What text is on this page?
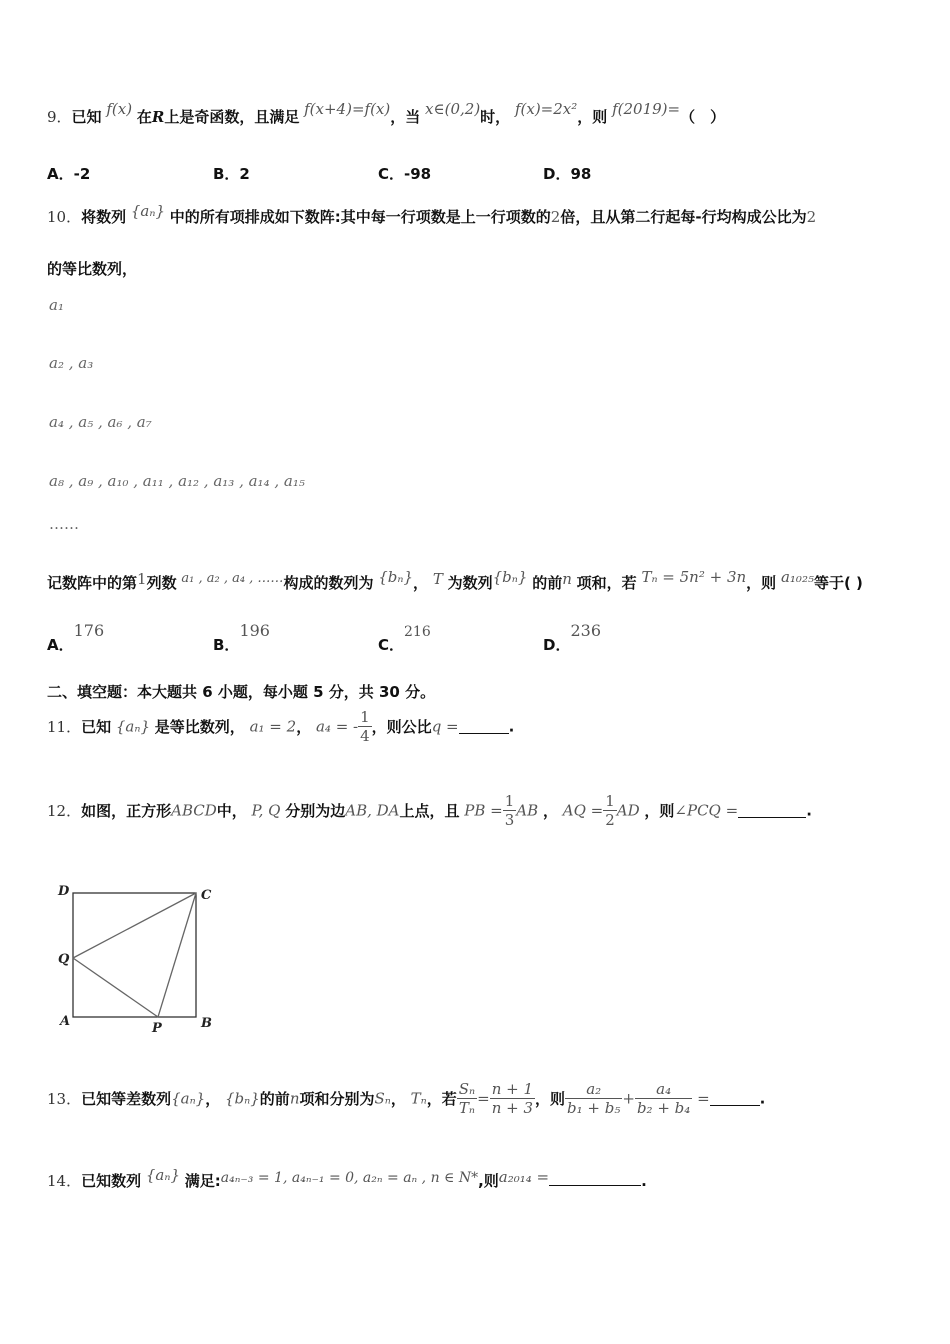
9．已知 f(x) 在R上是奇函数，且满足 f(x+4)=f(x)，当 x∈(0,2)时， f(x)=2x²，则 f(2019)=（　）
A．-2	B．2	C．-98	D．98
10．将数列 {aₙ} 中的所有项排成如下数阵:其中每一行项数是上一行项数的2倍，且从第二行起每-行均构成公比为2
的等比数列，
a₁
a₂ , a₃
a₄ , a₅ , a₆ , a₇
a₈ , a₉ , a₁₀ , a₁₁ , a₁₂ , a₁₃ , a₁₄ , a₁₅
……
记数阵中的第1列数 a₁ , a₂ , a₄ , ……构成的数列为 {bₙ}， T 为数列{bₙ} 的前n 项和，若 Tₙ = 5n² + 3n，则 a₁₀₂₅等于( )
A．176
B．196
C．216
D．236
二、填空题：本大题共 6 小题，每小题 5 分，共 30 分。
11．已知 {aₙ} 是等比数列， a₁ = 2， a₄ = - $\frac{1}{4}$ ，则公比q =	.
12．如图，正方形ABCD中， P, Q 分别为边AB, DA上点，且 PB = $\frac{1}{3}$ AB ， AQ = $\frac{1}{2}$ AD ，则∠PCQ =	.
D	C
Q
A	P	B
13．已知等差数列{aₙ}， {bₙ}的前n项和分别为Sₙ， Tₙ，若 $\frac{\text{Sₙ}}{\text{Tₙ}} = \frac{n + 1}{n + 3}$ ，则 $\frac{\text{a₂}}{\text{b₁ + b₅}} + \frac{\text{a₄}}{\text{b₂ + b₄}}$ =	.
14．已知数列 {aₙ} 满足:a₄ₙ₋₃ = 1, a₄ₙ₋₁ = 0, a₂ₙ = aₙ , n ∈ N*,则a₂₀₁₄ =	.
